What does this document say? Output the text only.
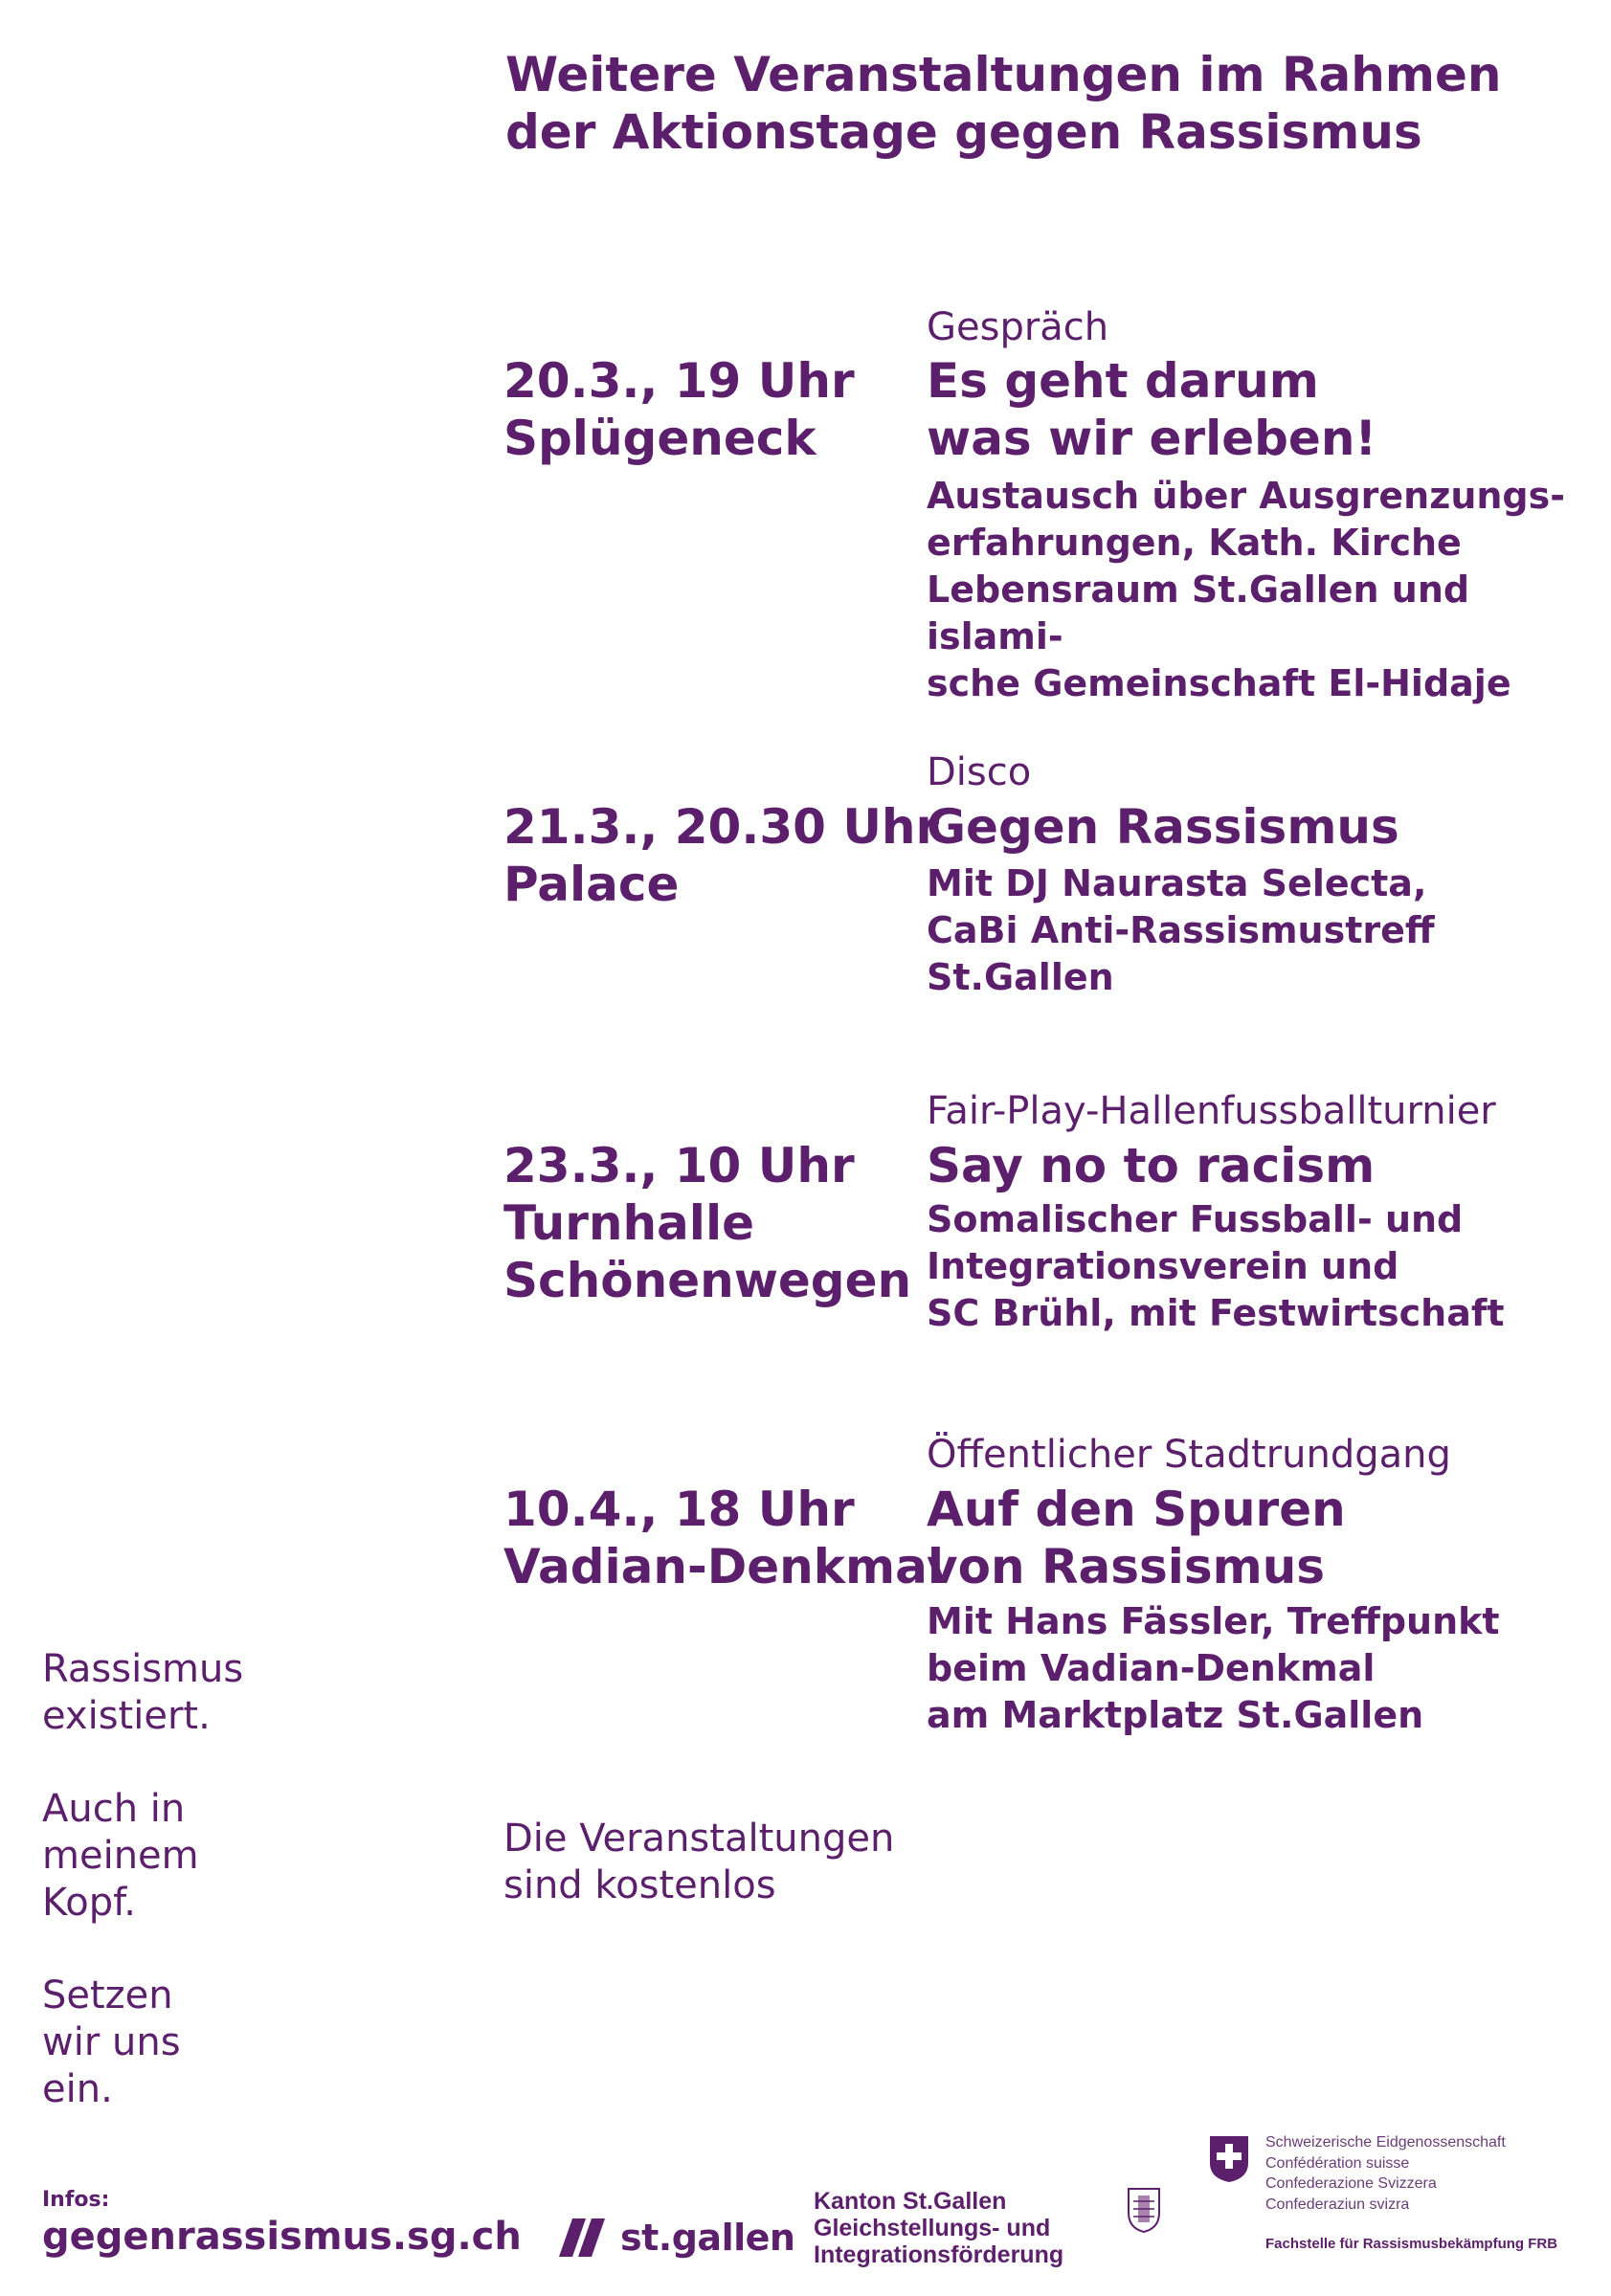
Weitere Veranstaltungen im Rahmen
der Aktionstage gegen Rassismus
20.3., 19 Uhr
Splügeneck
Gespräch
Es geht darum
was wir erleben!
Austausch über Ausgrenzungs-
erfahrungen, Kath. Kirche
Lebensraum St.Gallen und islami-
sche Gemeinschaft El-Hidaje
21.3., 20.30 Uhr
Palace
Disco
Gegen Rassismus
Mit DJ Naurasta Selecta,
CaBi Anti-Rassismustreff
St.Gallen
23.3., 10 Uhr
Turnhalle
Schönenwegen
Fair-Play-Hallenfussballturnier
Say no to racism
Somalischer Fussball- und
Integrationsverein und
SC Brühl, mit Festwirtschaft
10.4., 18 Uhr
Vadian-Denkmal
Öffentlicher Stadtrundgang
Auf den Spuren
von Rassismus
Mit Hans Fässler, Treffpunkt
beim Vadian-Denkmal
am Marktplatz St.Gallen
Die Veranstaltungen
sind kostenlos
Rassismus
existiert.
Auch in
meinem
Kopf.
Setzen
wir uns
ein.
Infos:
gegenrassismus.sg.ch	st.gallen
Kanton St.Gallen
Gleichstellungs- und
Integrationsförderung
Schweizerische Eidgenossenschaft
Confédération suisse
Confederazione Svizzera
Confederaziun svizra
Fachstelle für Rassismusbekämpfung FRB
